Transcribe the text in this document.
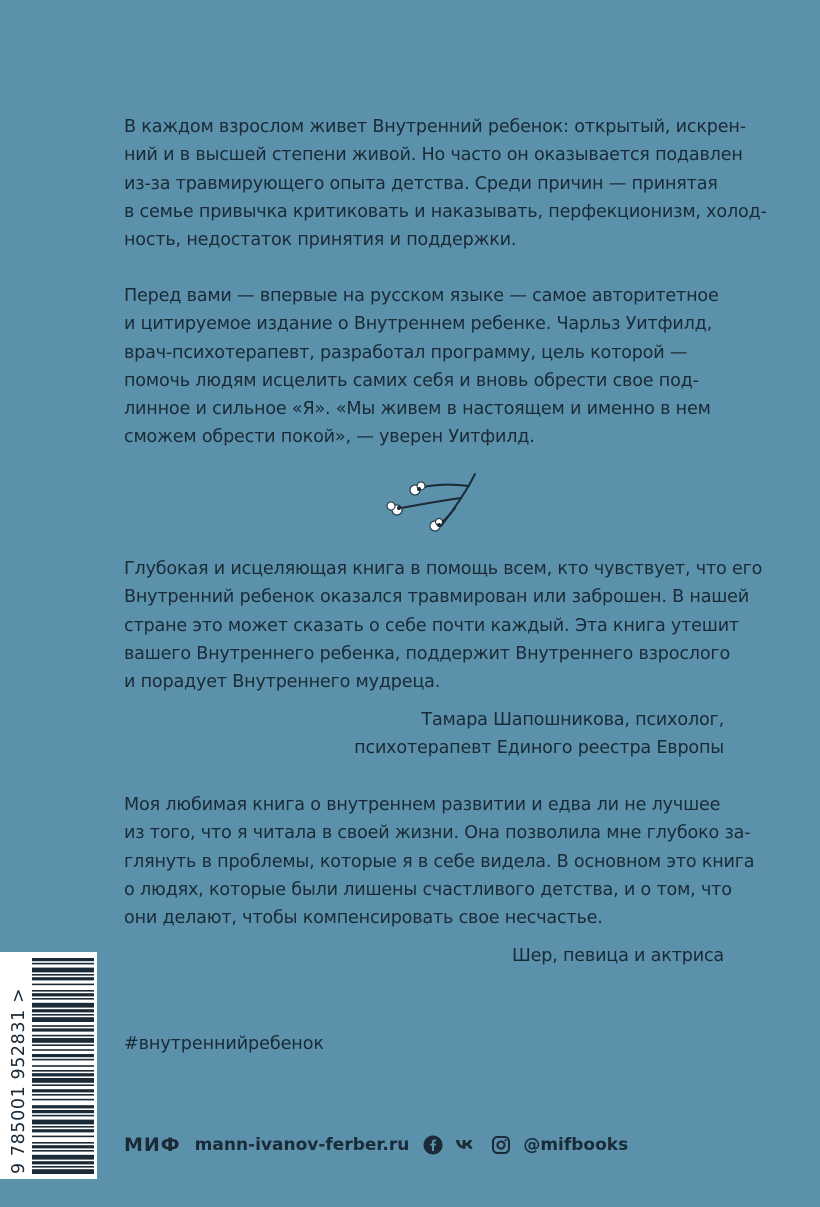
В каждом взрослом живет Внутренний ребенок: открытый, искрен-
ний и в высшей степени живой. Но часто он оказывается подавлен
из-за травмирующего опыта детства. Среди причин — принятая
в семье привычка критиковать и наказывать, перфекционизм, холод-
ность, недостаток принятия и поддержки.
Перед вами — впервые на русском языке — самое авторитетное
и цитируемое издание о Внутреннем ребенке. Чарльз Уитфилд,
врач-психотерапевт, разработал программу, цель которой —
помочь людям исцелить самих себя и вновь обрести свое под-
линное и сильное «Я». «Мы живем в настоящем и именно в нем
сможем обрести покой», — уверен Уитфилд.
Глубокая и исцеляющая книга в помощь всем, кто чувствует, что его
Внутренний ребенок оказался травмирован или заброшен. В нашей
стране это может сказать о себе почти каждый. Эта книга утешит
вашего Внутреннего ребенка, поддержит Внутреннего взрослого
и порадует Внутреннего мудреца.
Тамара Шапошникова, психолог,
психотерапевт Единого реестра Европы
Моя любимая книга о внутреннем развитии и едва ли не лучшее
из того, что я читала в своей жизни. Она позволила мне глубоко за-
глянуть в проблемы, которые я в себе видела. В основном это книга
о людях, которые были лишены счастливого детства, и о том, что
они делают, чтобы компенсировать свое несчастье.
Шер, певица и актриса
#внутреннийребенок
9 785001 952831 >	МИФ mann-ivanov-ferber.ru	@mifbooks
